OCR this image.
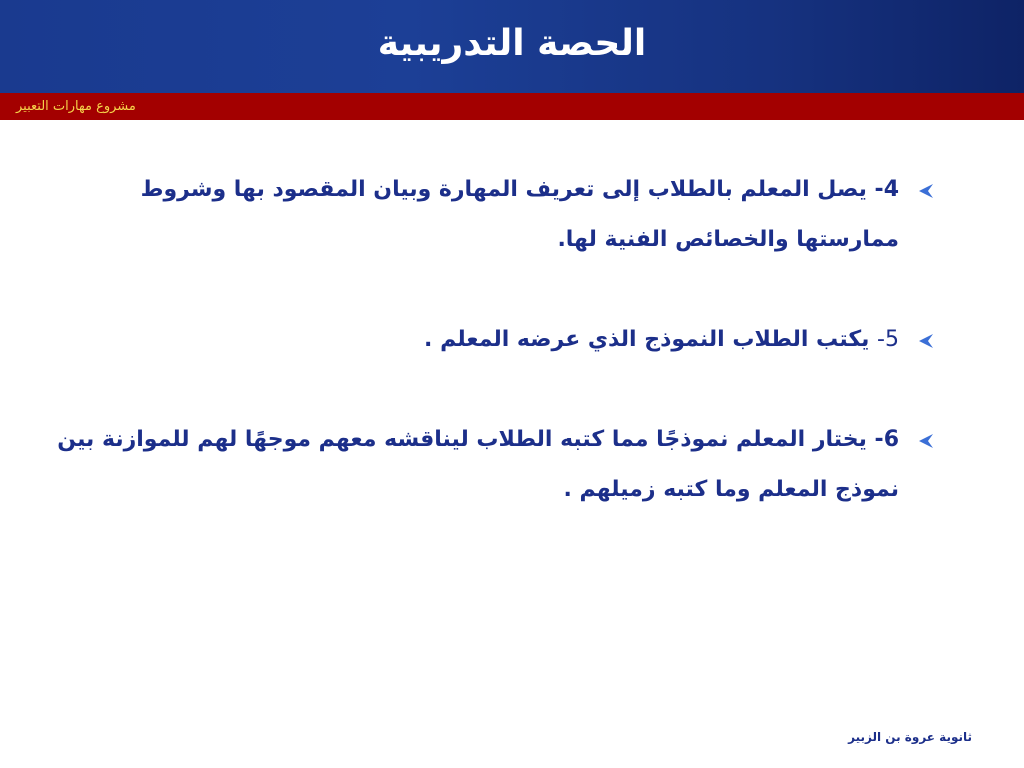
الحصة التدريبية
مشروع مهارات التعبير

4- يصل المعلم بالطلاب إلى تعريف المهارة وبيان المقصود بها وشروط ممارستها والخصائص الفنية لها.

5- يكتب الطلاب النموذج الذي عرضه المعلم .

6- يختار المعلم نموذجًا مما كتبه الطلاب ليناقشه معهم موجهًا لهم للموازنة بين نموذج المعلم وما كتبه زميلهم .

ثانوية عروة بن الزبير
